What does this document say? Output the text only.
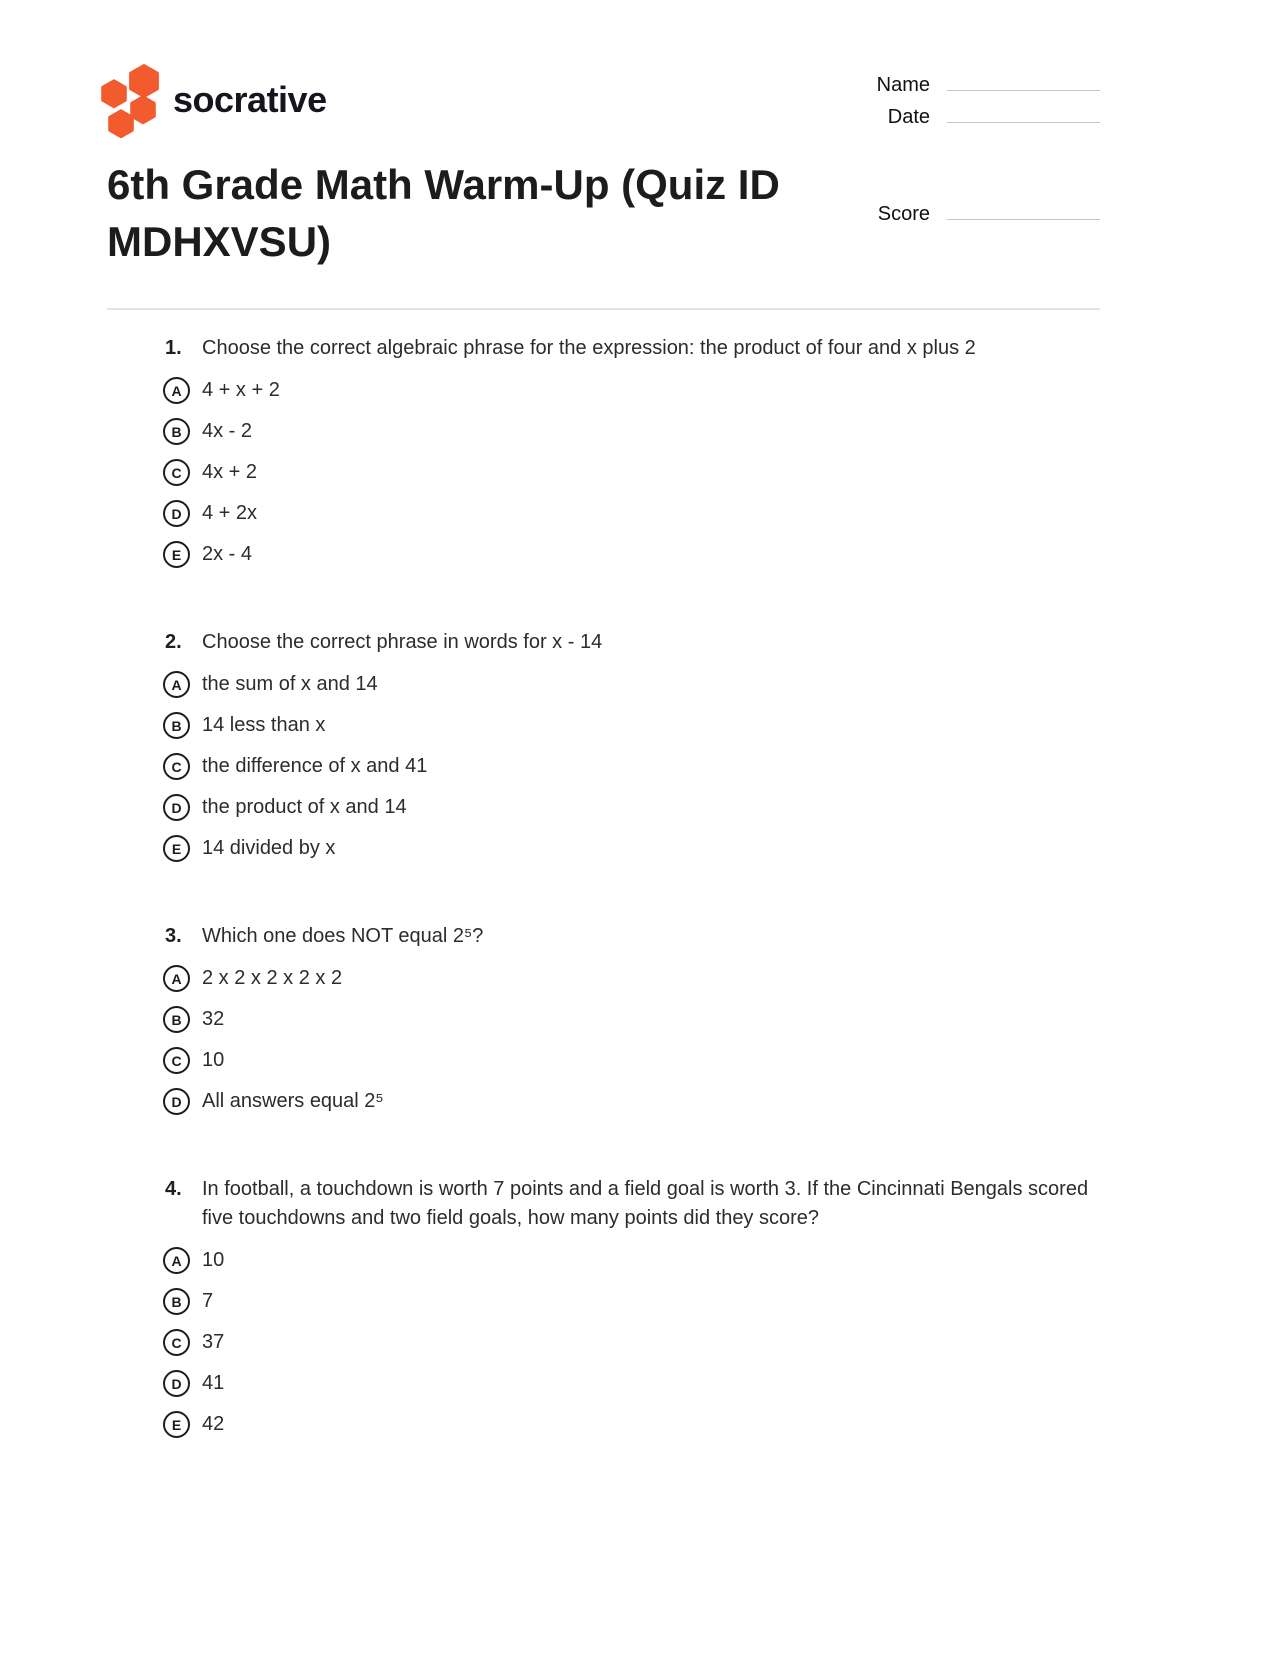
socrative	Name
Date
6th Grade Math Warm-Up (Quiz ID MDHXVSU)
Score
1.	Choose the correct algebraic phrase for the expression: the product of four and x plus 2
A 4 + x + 2
B 4x - 2
C 4x + 2
D 4 + 2x
E 2x - 4
2.	Choose the correct phrase in words for x - 14
A the sum of x and 14
B 14 less than x
C the difference of x and 41
D the product of x and 14
E 14 divided by x
3.	Which one does NOT equal 2⁵?
A 2 x 2 x 2 x 2 x 2
B 32
C 10
D All answers equal 2⁵
4.	In football, a touchdown is worth 7 points and a field goal is worth 3. If the Cincinnati Bengals scored five touchdowns and two field goals, how many points did they score?
A 10
B 7
C 37
D 41
E 42
